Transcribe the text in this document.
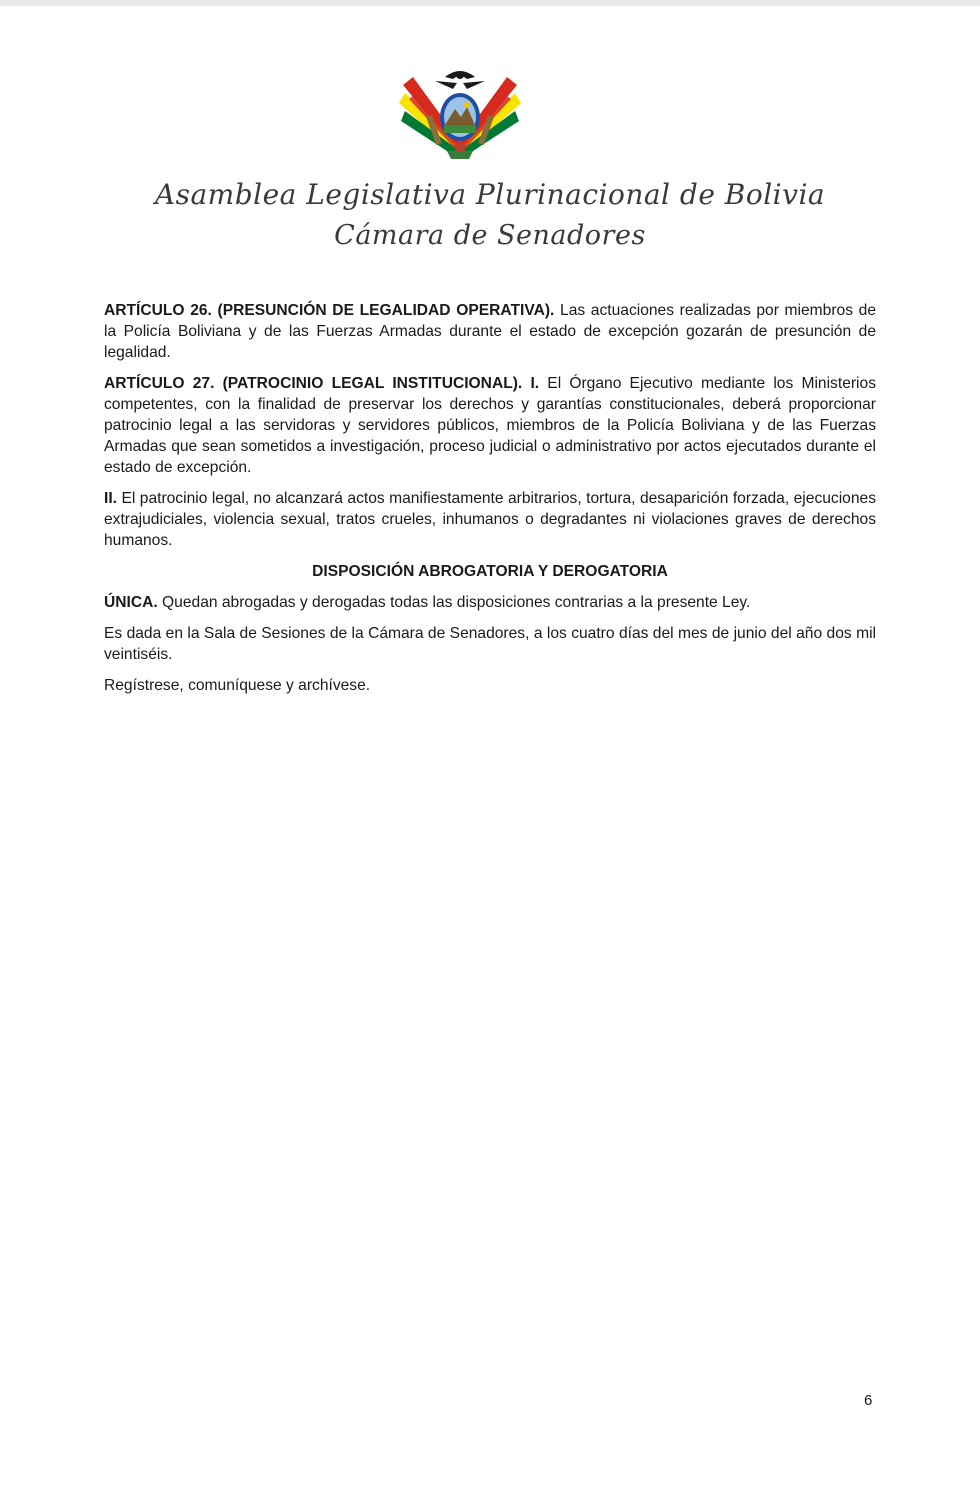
Asamblea Legislativa Plurinacional de Bolivia
Cámara de Senadores

ARTÍCULO 26. (PRESUNCIÓN DE LEGALIDAD OPERATIVA). Las actuaciones realizadas por miembros de la Policía Boliviana y de las Fuerzas Armadas durante el estado de excepción gozarán de presunción de legalidad.

ARTÍCULO 27. (PATROCINIO LEGAL INSTITUCIONAL). I. El Órgano Ejecutivo mediante los Ministerios competentes, con la finalidad de preservar los derechos y garantías constitucionales, deberá proporcionar patrocinio legal a las servidoras y servidores públicos, miembros de la Policía Boliviana y de las Fuerzas Armadas que sean sometidos a investigación, proceso judicial o administrativo por actos ejecutados durante el estado de excepción.

II. El patrocinio legal, no alcanzará actos manifiestamente arbitrarios, tortura, desaparición forzada, ejecuciones extrajudiciales, violencia sexual, tratos crueles, inhumanos o degradantes ni violaciones graves de derechos humanos.

DISPOSICIÓN ABROGATORIA Y DEROGATORIA

ÚNICA. Quedan abrogadas y derogadas todas las disposiciones contrarias a la presente Ley.

Es dada en la Sala de Sesiones de la Cámara de Senadores, a los cuatro días del mes de junio del año dos mil veintiséis.

Regístrese, comuníquese y archívese.

6
